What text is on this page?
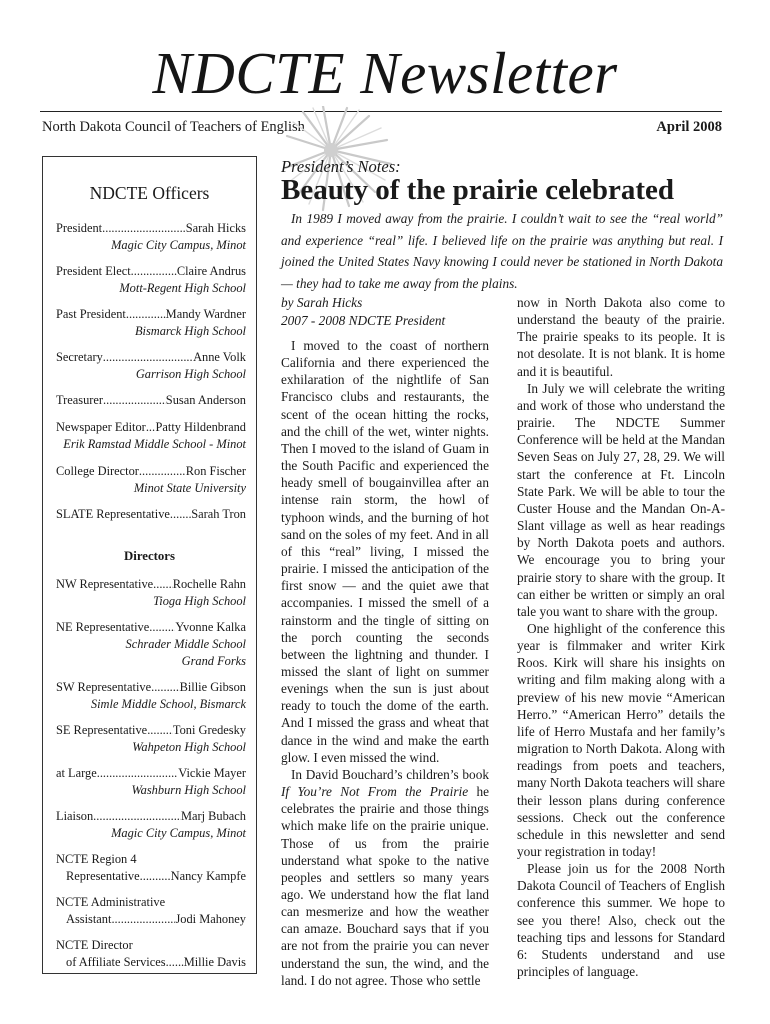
NDCTE Newsletter
North Dakota Council of Teachers of English	April 2008
NDCTE Officers
President .....	Sarah Hicks
Magic City Campus, Minot
President Elect .....	Claire Andrus
Mott-Regent High School
Past President .....	Mandy Wardner
Bismarck High School
Secretary .....	Anne Volk
Garrison High School
Treasurer .....	Susan Anderson
Newspaper Editor ..... Patty Hildenbrand
Erik Ramstad Middle School - Minot
College Director .....	Ron Fischer
Minot State University
SLATE Representative ..... Sarah Tron
Directors
NW Representative ..... Rochelle Rahn
Tioga High School
NE Representative ..... Yvonne Kalka
Schrader Middle School
Grand Forks
SW Representative ..... Billie Gibson
Simle Middle School, Bismarck
SE Representative ..... Toni Gredesky
Wahpeton High School
at Large .....	Vickie Mayer
Washburn High School
Liaison .....	Marj Bubach
Magic City Campus, Minot
NCTE Region 4
Representative .....	Nancy Kampfe
NCTE Administrative
Assistant .....	Jodi Mahoney
NCTE Director
of Affiliate Services ..... Millie Davis
President’s Notes:
Beauty of the prairie celebrated
In 1989 I moved away from the prairie. I couldn’t wait to see the “real world” and experience “real” life. I believed life on the prairie was anything but real. I joined the United States Navy knowing I could never be stationed in North Dakota — they had to take me away from the plains.
by Sarah Hicks
2007 - 2008 NDCTE President

I moved to the coast of northern California and there experienced the exhilaration of the nightlife of San Francisco clubs and restaurants, the scent of the ocean hitting the rocks, and the chill of the wet, winter nights. Then I moved to the island of Guam in the South Pacific and experienced the heady smell of bougainvillea after an intense rain storm, the howl of typhoon winds, and the burning of hot sand on the soles of my feet. And in all of this “real” living, I missed the prairie. I missed the anticipation of the first snow — and the quiet awe that accompanies. I missed the smell of a rainstorm and the tingle of sitting on the porch counting the seconds between the lightning and thunder. I missed the slant of light on summer evenings when the sun is just about ready to touch the dome of the earth. And I missed the grass and wheat that dance in the wind and make the earth glow. I even missed the wind.

In David Bouchard’s children’s book If You’re Not From the Prairie he celebrates the prairie and those things which make life on the prairie unique. Those of us from the prairie understand what spoke to the native peoples and settlers so many years ago. We understand how the flat land can mesmerize and how the weather can amaze. Bouchard says that if you are not from the prairie you can never understand the sun, the wind, and the land. I do not agree. Those who settle

now in North Dakota also come to understand the beauty of the prairie. The prairie speaks to its people. It is not desolate. It is not blank. It is home and it is beautiful.

In July we will celebrate the writing and work of those who understand the prairie. The NDCTE Summer Conference will be held at the Mandan Seven Seas on July 27, 28, 29. We will start the conference at Ft. Lincoln State Park. We will be able to tour the Custer House and the Mandan On-A-Slant village as well as hear readings by North Dakota poets and authors. We encourage you to bring your prairie story to share with the group. It can either be written or simply an oral tale you want to share with the group.

One highlight of the conference this year is filmmaker and writer Kirk Roos. Kirk will share his insights on writing and film making along with a preview of his new movie “American Herro.” “American Herro” details the life of Herro Mustafa and her family’s migration to North Dakota. Along with readings from poets and teachers, many North Dakota teachers will share their lesson plans during conference sessions. Check out the conference schedule in this newsletter and send your registration in today!

Please join us for the 2008 North Dakota Council of Teachers of English conference this summer. We hope to see you there! Also, check out the teaching tips and lessons for Standard 6: Students understand and use principles of language.
